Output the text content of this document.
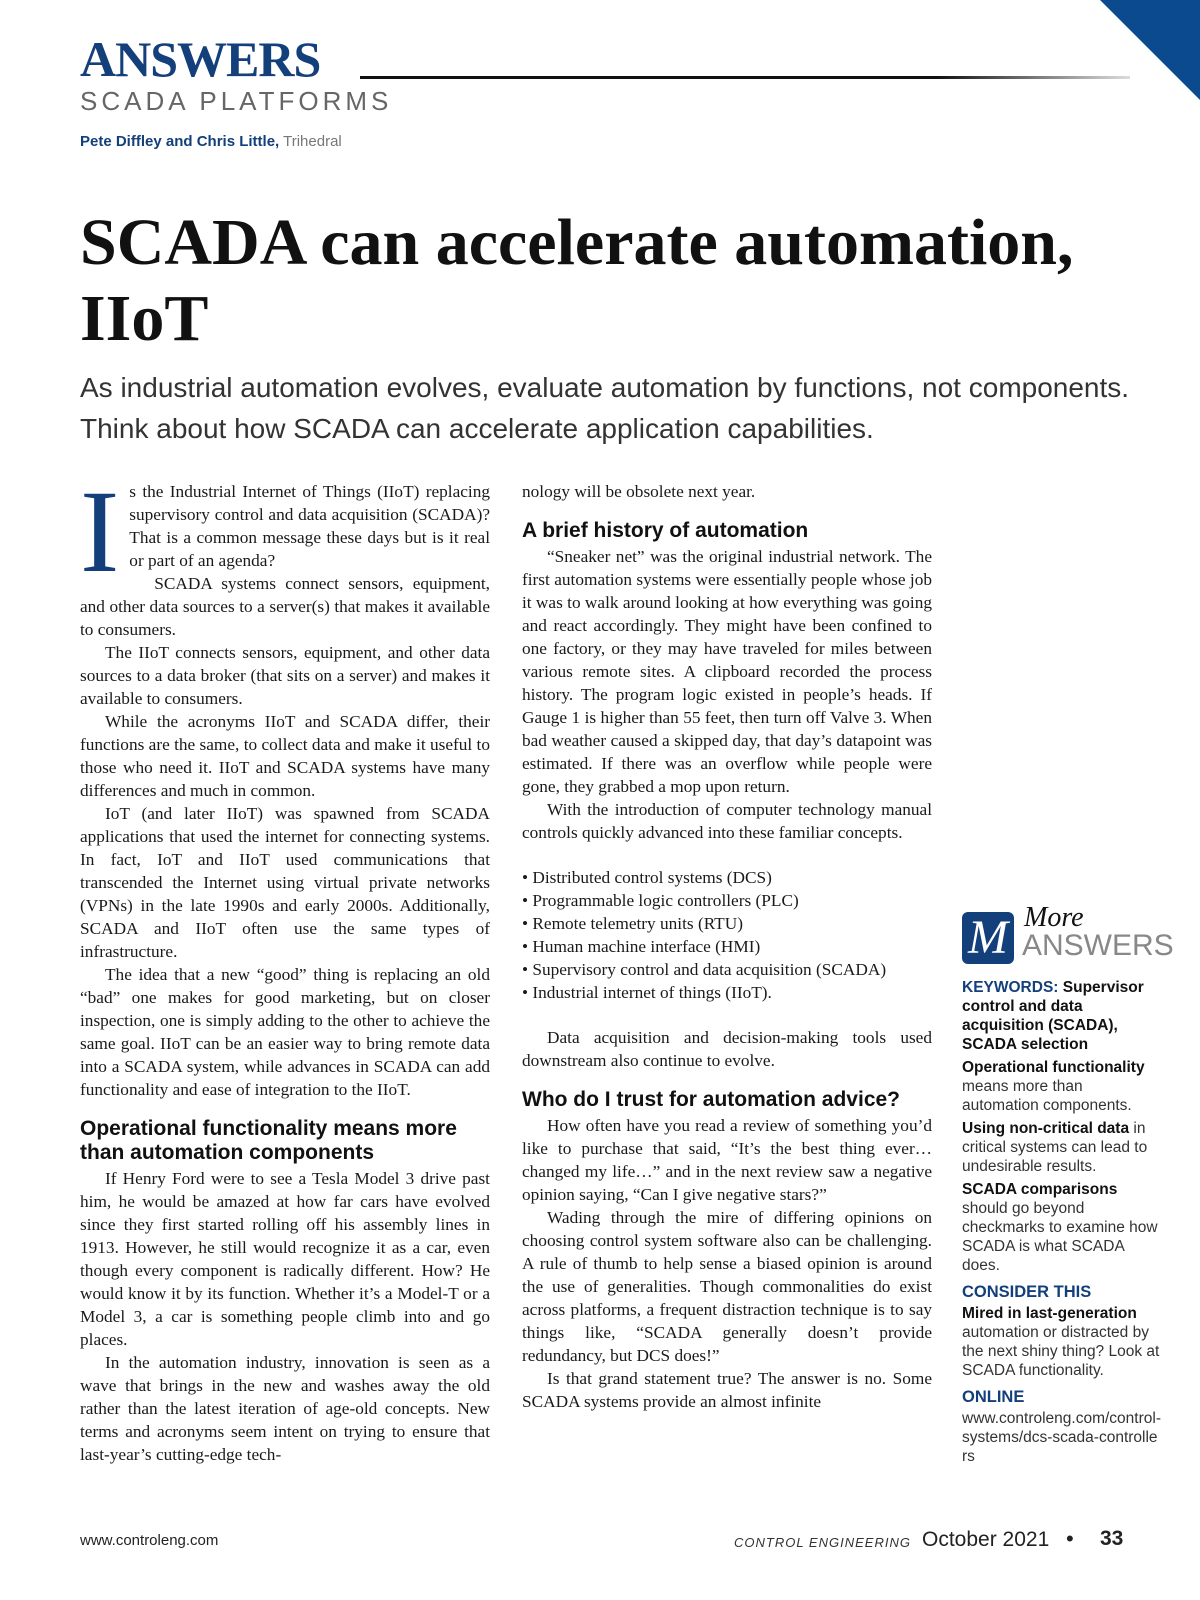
ANSWERS
SCADA PLATFORMS
Pete Diffley and Chris Little, Trihedral
SCADA can accelerate automation, IIoT

As industrial automation evolves, evaluate automation by functions, not components. Think about how SCADA can accelerate application capabilities.

I s the Industrial Internet of Things (IIoT) replacing supervisory control and data acquisition (SCADA)? That is a common message these days but is it real or part of an agenda?

SCADA systems connect sensors, equipment, and other data sources to a server(s) that makes it available to consumers.

The IIoT connects sensors, equipment, and other data sources to a data broker (that sits on a server) and makes it available to consumers.

While the acronyms IIoT and SCADA differ, their functions are the same, to collect data and make it useful to those who need it. IIoT and SCADA systems have many differences and much in common.

IoT (and later IIoT) was spawned from SCADA applications that used the internet for connecting systems. In fact, IoT and IIoT used communications that transcended the Internet using virtual private networks (VPNs) in the late 1990s and early 2000s. Additionally, SCADA and IIoT often use the same types of infrastructure.

The idea that a new “good” thing is replacing an old “bad” one makes for good marketing, but on closer inspection, one is simply adding to the other to achieve the same goal. IIoT can be an easier way to bring remote data into a SCADA system, while advances in SCADA can add functionality and ease of integration to the IIoT.

Operational functionality means more than automation components

If Henry Ford were to see a Tesla Model 3 drive past him, he would be amazed at how far cars have evolved since they first started rolling off his assembly lines in 1913. However, he still would recognize it as a car, even though every component is radically different. How? He would know it by its function. Whether it’s a Model-T or a Model 3, a car is something people climb into and go places.

In the automation industry, innovation is seen as a wave that brings in the new and washes away the old rather than the latest iteration of age-old concepts. New terms and acronyms seem intent on trying to ensure that last-year’s cutting-edge tech-

nology will be obsolete next year.

A brief history of automation

“Sneaker net” was the original industrial network. The first automation systems were essentially people whose job it was to walk around looking at how everything was going and react accordingly. They might have been confined to one factory, or they may have traveled for miles between various remote sites. A clipboard recorded the process history. The program logic existed in people’s heads. If Gauge 1 is higher than 55 feet, then turn off Valve 3. When bad weather caused a skipped day, that day’s datapoint was estimated. If there was an overflow while people were gone, they grabbed a mop upon return.

With the introduction of computer technology manual controls quickly advanced into these familiar concepts.

• Distributed control systems (DCS)
• Programmable logic controllers (PLC)
• Remote telemetry units (RTU)
• Human machine interface (HMI)
• Supervisory control and data acquisition (SCADA)
• Industrial internet of things (IIoT).

Data acquisition and decision-making tools used downstream also continue to evolve.

Who do I trust for automation advice?

How often have you read a review of something you’d like to purchase that said, “It’s the best thing ever… changed my life…” and in the next review saw a negative opinion saying, “Can I give negative stars?”

Wading through the mire of differing opinions on choosing control system software also can be challenging. A rule of thumb to help sense a biased opinion is around the use of generalities. Though commonalities do exist across platforms, a frequent distraction technique is to say things like, “SCADA generally doesn’t provide redundancy, but DCS does!”

Is that grand statement true? The answer is no. Some SCADA systems provide an almost infinite

M More
ANSWERS

KEYWORDS: Supervisor control and data acquisition (SCADA), SCADA selection

Operational functionality means more than automation components.

Using non-critical data in critical systems can lead to undesirable results.

SCADA comparisons should go beyond checkmarks to examine how SCADA is what SCADA does.

CONSIDER THIS

Mired in last-generation automation or distracted by the next shiny thing? Look at SCADA functionality.

ONLINE

www.controleng.com/control-systems/dcs-scada-controllers

www.controleng.com	CONTROL ENGINEERING October 2021 • 33
